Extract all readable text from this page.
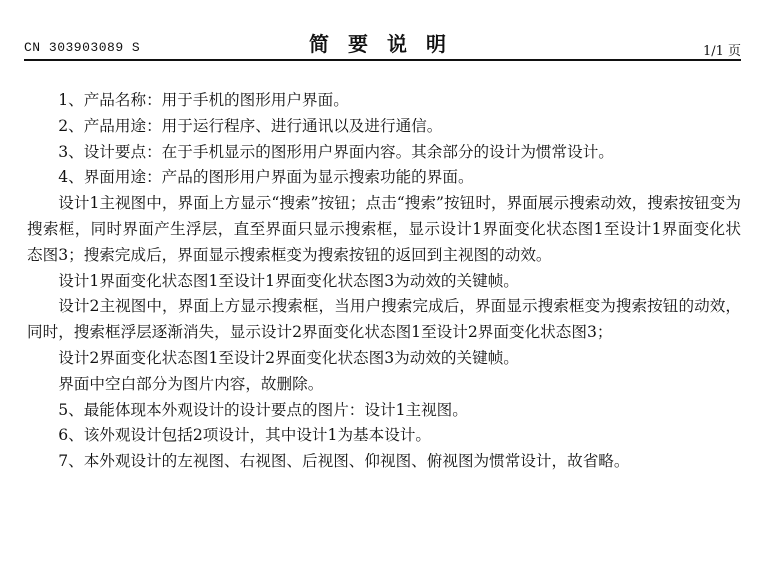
CN 303903089 S	简要说明	1/1 页

1、产品名称：用于手机的图形用户界面。

2、产品用途：用于运行程序、进行通讯以及进行通信。

3、设计要点：在于手机显示的图形用户界面内容。其余部分的设计为惯常设计。

4、界面用途：产品的图形用户界面为显示搜索功能的界面。

设计1主视图中，界面上方显示“搜索”按钮；点击“搜索”按钮时，界面展示搜索动效，搜索按钮变为搜索框，同时界面产生浮层，直至界面只显示搜索框，显示设计1界面变化状态图1至设计1界面变化状态图3；搜索完成后，界面显示搜索框变为搜索按钮的返回到主视图的动效。

设计1界面变化状态图1至设计1界面变化状态图3为动效的关键帧。

设计2主视图中，界面上方显示搜索框，当用户搜索完成后，界面显示搜索框变为搜索按钮的动效，同时，搜索框浮层逐渐消失，显示设计2界面变化状态图1至设计2界面变化状态图3；

设计2界面变化状态图1至设计2界面变化状态图3为动效的关键帧。

界面中空白部分为图片内容，故删除。

5、最能体现本外观设计的设计要点的图片：设计1主视图。

6、该外观设计包括2项设计，其中设计1为基本设计。

7、本外观设计的左视图、右视图、后视图、仰视图、俯视图为惯常设计，故省略。
